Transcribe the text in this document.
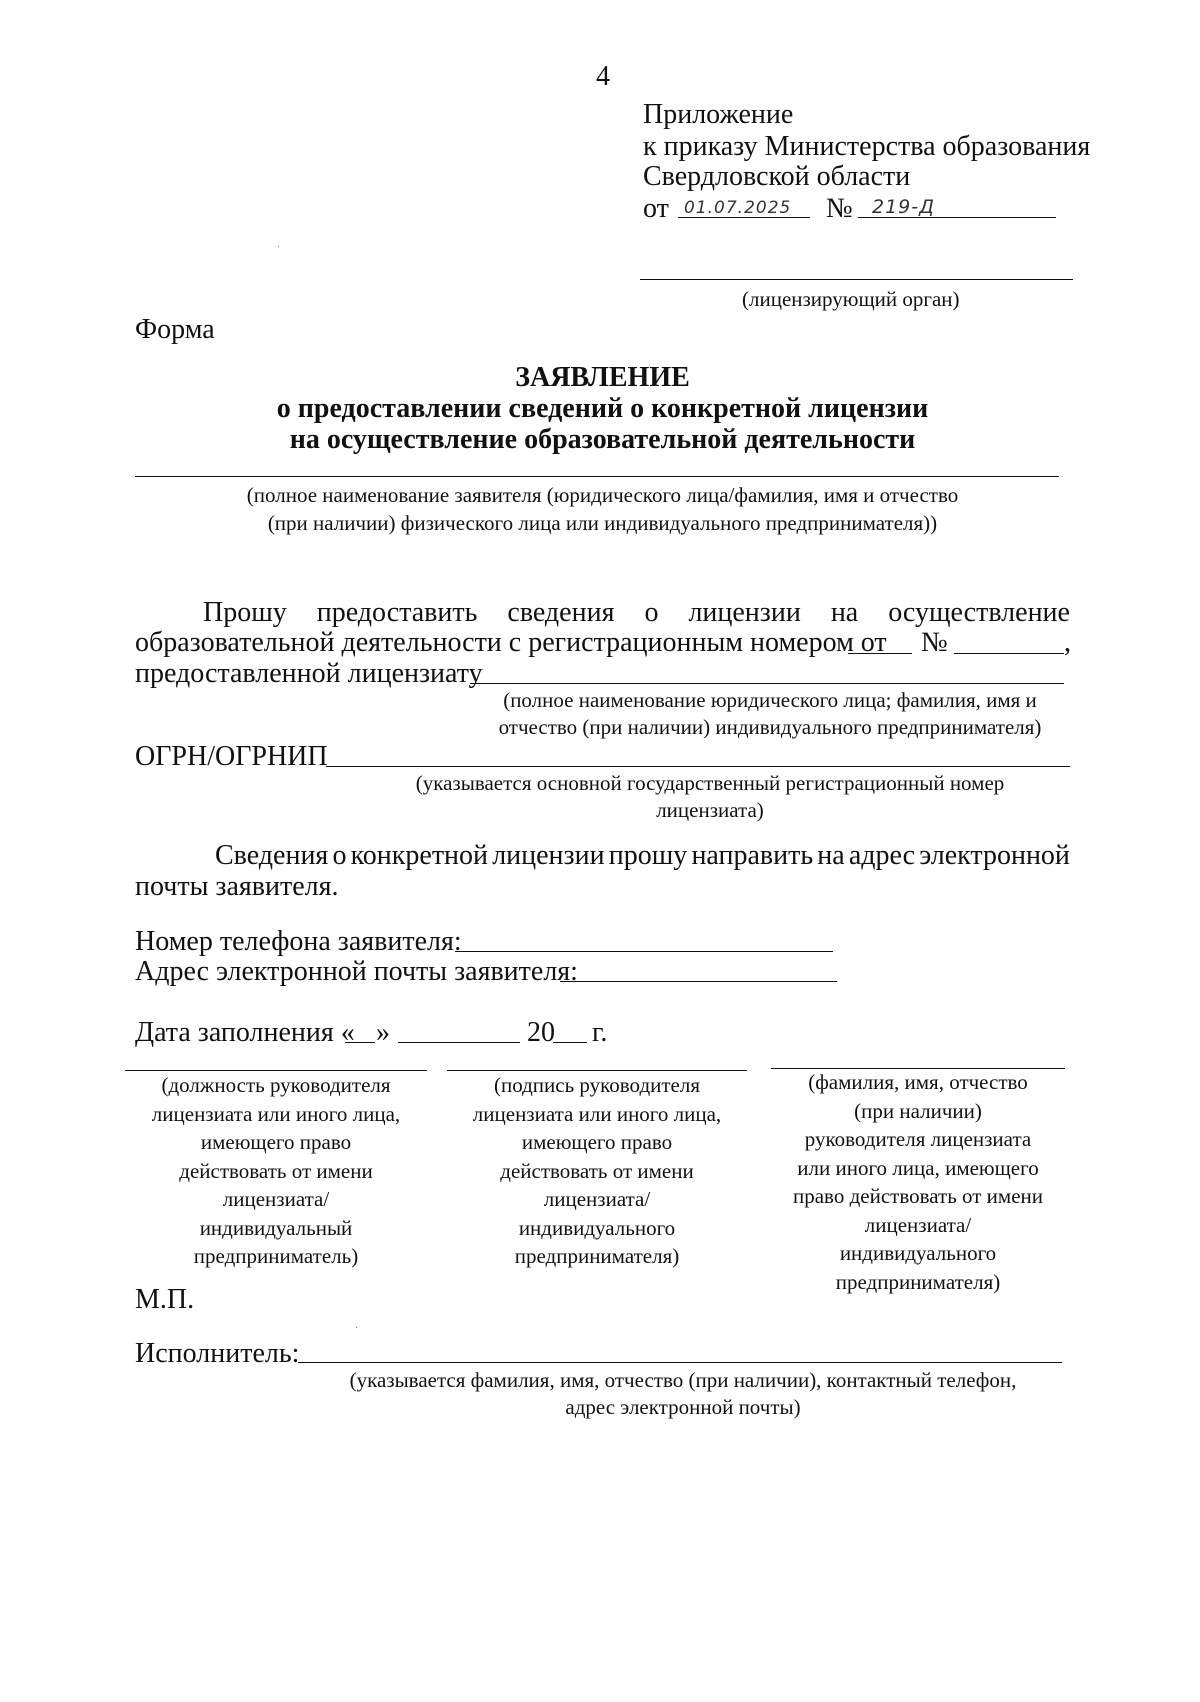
4
Приложение
к приказу Министерства образования
Свердловской области
от 01.07.2025 № 219-Д
(лицензирующий орган)
Форма
ЗАЯВЛЕНИЕ
о предоставлении сведений о конкретной лицензии
на осуществление образовательной деятельности
(полное наименование заявителя (юридического лица/фамилия, имя и отчество
(при наличии) физического лица или индивидуального предпринимателя))
Прошу предоставить сведения о лицензии на осуществление
образовательной деятельности с регистрационным номером от №	,
предоставленной лицензиату
(полное наименование юридического лица; фамилия, имя и
отчество (при наличии) индивидуального предпринимателя)
ОГРН/ОГРНИП
(указывается основной государственный регистрационный номер
лицензиата)
Сведения о конкретной лицензии прошу направить на адрес электронной
почты заявителя.
Номер телефона заявителя:
Адрес электронной почты заявителя:
Дата заполнения « »	20 г.
(должность руководителя
лицензиата или иного лица,
имеющего право
действовать от имени
лицензиата/
индивидуальный
предприниматель)
(подпись руководителя
лицензиата или иного лица,
имеющего право
действовать от имени
лицензиата/
индивидуального
предпринимателя)
(фамилия, имя, отчество
(при наличии)
руководителя лицензиата
или иного лица, имеющего
право действовать от имени
лицензиата/
индивидуального
предпринимателя)
М.П.
Исполнитель:
(указывается фамилия, имя, отчество (при наличии), контактный телефон,
адрес электронной почты)
